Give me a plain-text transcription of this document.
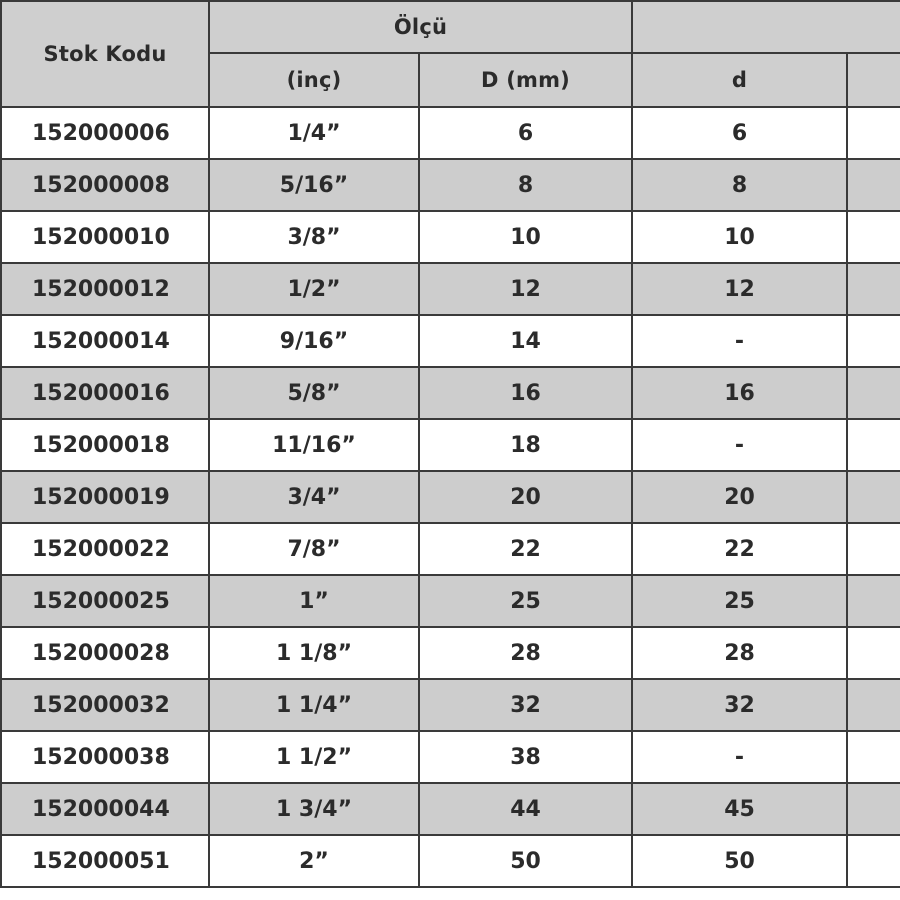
Stok Kodu	Ölçü			
	(inç)	D (mm)	d	
152000006	1/4”	6	6	
152000008	5/16”	8	8	
152000010	3/8”	10	10	
152000012	1/2”	12	12	
152000014	9/16”	14	-	
152000016	5/8”	16	16	
152000018	11/16”	18	-	
152000019	3/4”	20	20	
152000022	7/8”	22	22	
152000025	1”	25	25	
152000028	1 1/8”	28	28	
152000032	1 1/4”	32	32	
152000038	1 1/2”	38	-	
152000044	1 3/4”	44	45	
152000051	2”	50	50	
